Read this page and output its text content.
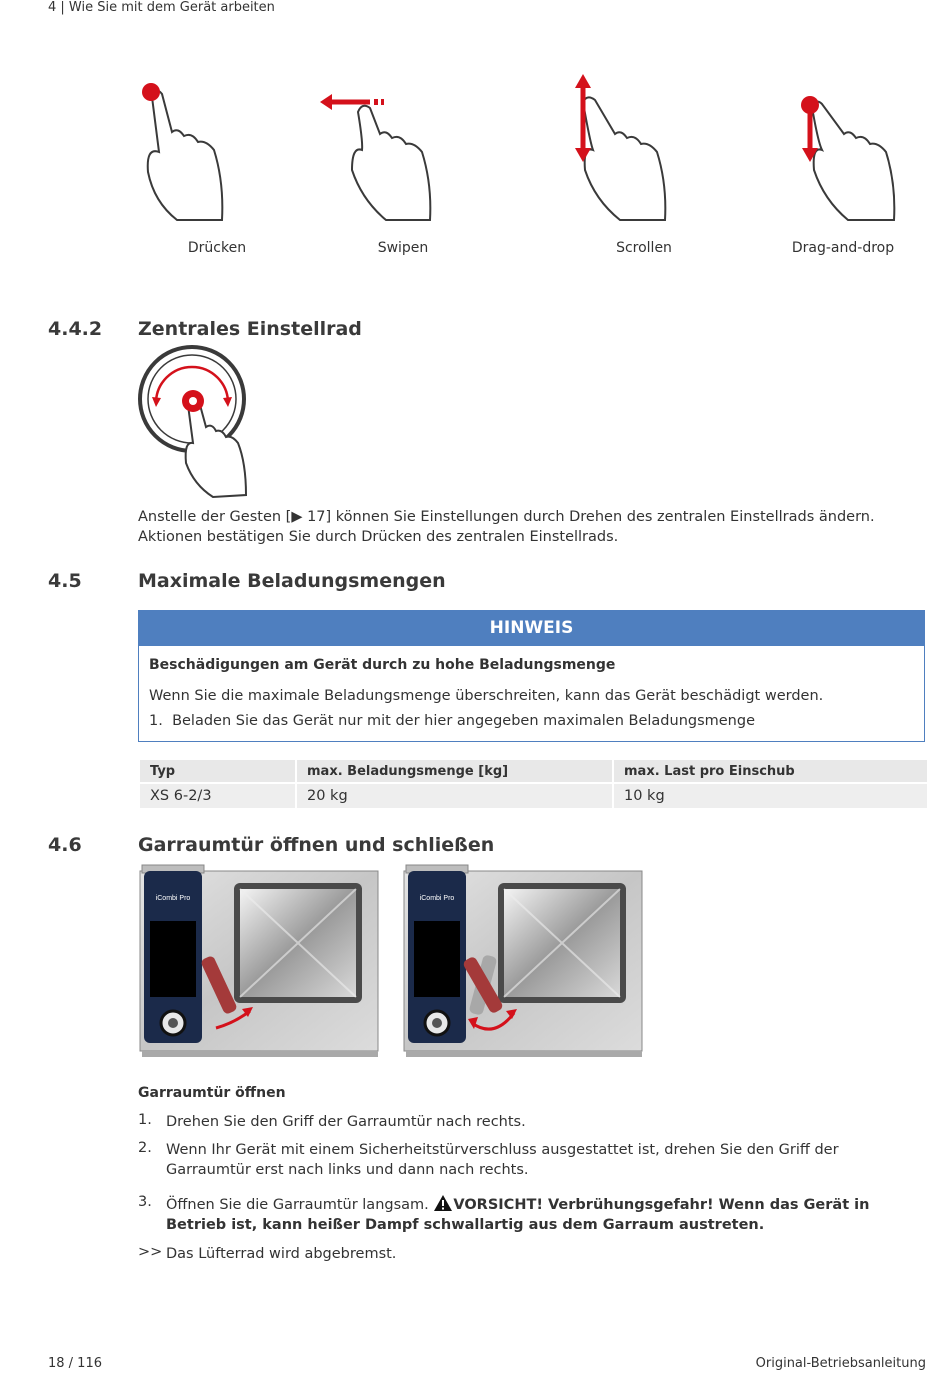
4 | Wie Sie mit dem Gerät arbeiten
Drücken	Swipen	Scrollen	Drag-and-drop
4.4.2 Zentrales Einstellrad
Anstelle der Gesten [▶ 17] können Sie Einstellungen durch Drehen des zentralen Einstellrads ändern. Aktionen bestätigen Sie durch Drücken des zentralen Einstellrads.
4.5	Maximale Beladungsmengen
HINWEIS
Beschädigungen am Gerät durch zu hohe Beladungsmenge
Wenn Sie die maximale Beladungsmenge überschreiten, kann das Gerät beschädigt werden.
1. Beladen Sie das Gerät nur mit der hier angegeben maximalen Beladungsmenge
Typ	max. Beladungsmenge [kg]	max. Last pro Einschub
XS 6-2/3	20 kg	10 kg
4.6	Garraumtür öffnen und schließen
iCombi Pro	iCombi Pro
Garraumtür öffnen
1. Drehen Sie den Griff der Garraumtür nach rechts.
2. Wenn Ihr Gerät mit einem Sicherheitstürverschluss ausgestattet ist, drehen Sie den Griff der Garraumtür erst nach links und dann nach rechts.
3. Öffnen Sie die Garraumtür langsam. VORSICHT! Verbrühungsgefahr! Wenn das Gerät in Betrieb ist, kann heißer Dampf schwallartig aus dem Garraum austreten.
>> Das Lüfterrad wird abgebremst.
18 / 116	Original-Betriebsanleitung
